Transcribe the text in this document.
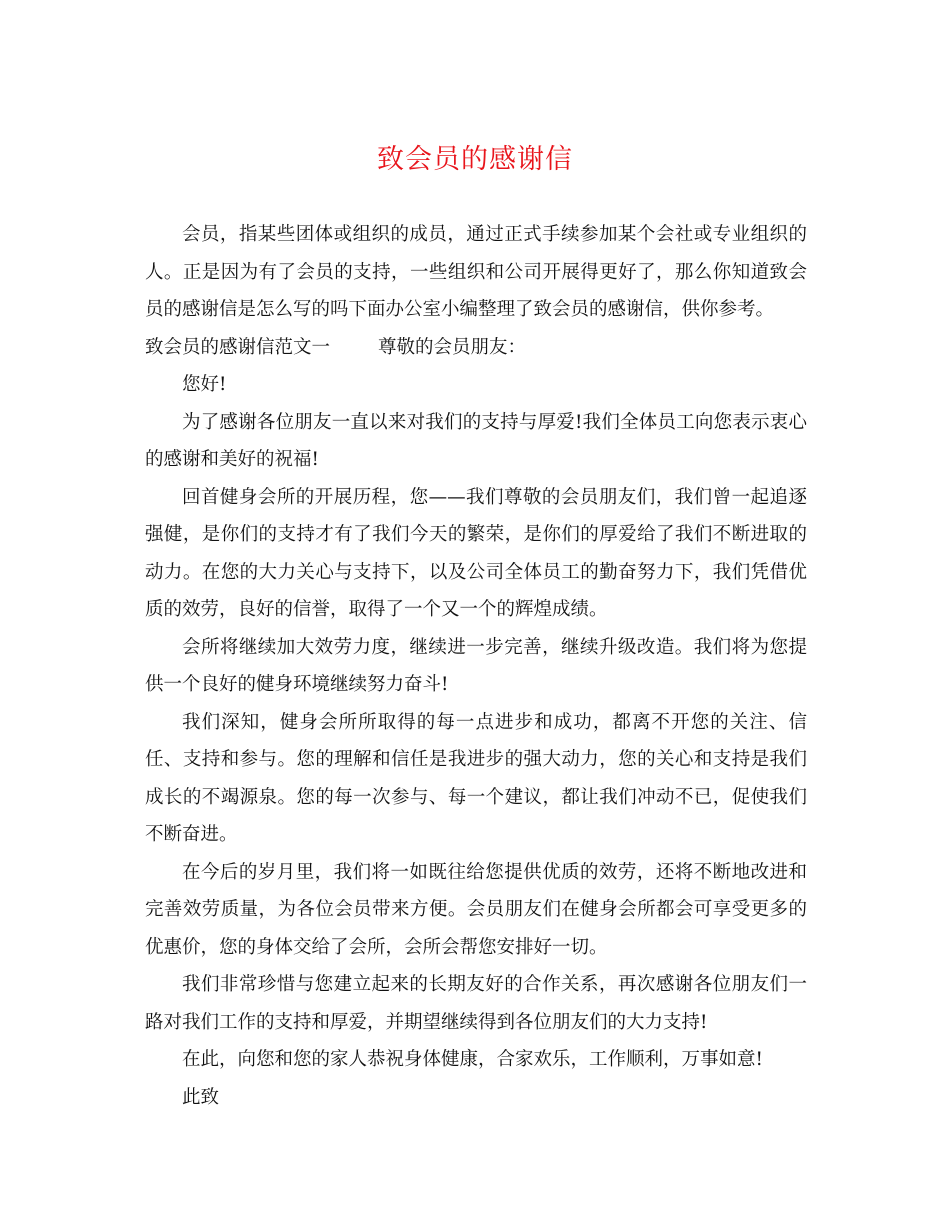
致会员的感谢信

会员，指某些团体或组织的成员，通过正式手续参加某个会社或专业组织的人。正是因为有了会员的支持，一些组织和公司开展得更好了，那么你知道致会员的感谢信是怎么写的吗下面办公室小编整理了致会员的感谢信，供你参考。

致会员的感谢信范文一	尊敬的会员朋友：

您好!

为了感谢各位朋友一直以来对我们的支持与厚爱!我们全体员工向您表示衷心的感谢和美好的祝福!

回首健身会所的开展历程，您——我们尊敬的会员朋友们，我们曾一起追逐强健，是你们的支持才有了我们今天的繁荣，是你们的厚爱给了我们不断进取的动力。在您的大力关心与支持下，以及公司全体员工的勤奋努力下，我们凭借优质的效劳，良好的信誉，取得了一个又一个的辉煌成绩。

会所将继续加大效劳力度，继续进一步完善，继续升级改造。我们将为您提供一个良好的健身环境继续努力奋斗!

我们深知，健身会所所取得的每一点进步和成功，都离不开您的关注、信任、支持和参与。您的理解和信任是我进步的强大动力，您的关心和支持是我们成长的不竭源泉。您的每一次参与、每一个建议，都让我们冲动不已，促使我们不断奋进。

在今后的岁月里，我们将一如既往给您提供优质的效劳，还将不断地改进和完善效劳质量，为各位会员带来方便。会员朋友们在健身会所都会可享受更多的优惠价，您的身体交给了会所，会所会帮您安排好一切。

我们非常珍惜与您建立起来的长期友好的合作关系，再次感谢各位朋友们一路对我们工作的支持和厚爱，并期望继续得到各位朋友们的大力支持!

在此，向您和您的家人恭祝身体健康，合家欢乐，工作顺利，万事如意!

此致
